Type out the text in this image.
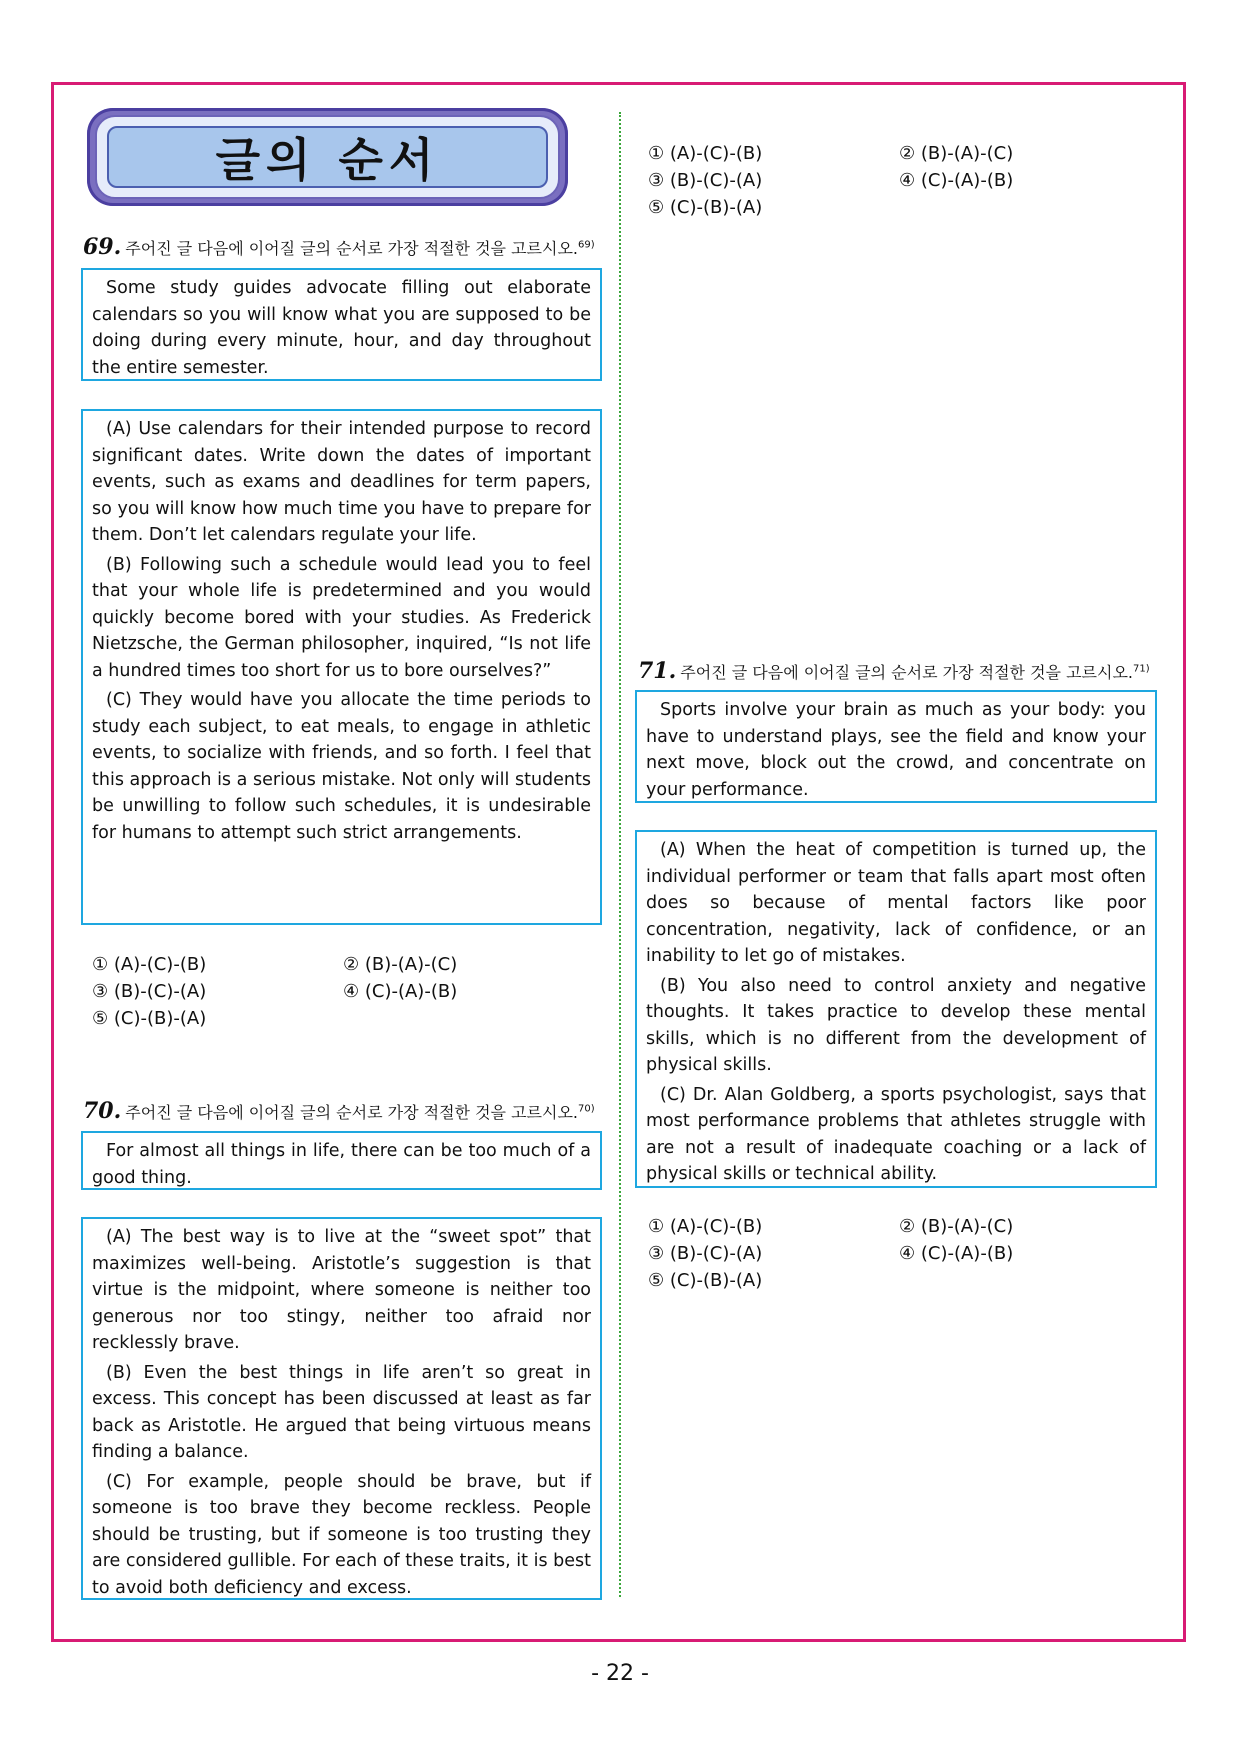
글의 순서
69. 주어진 글 다음에 이어질 글의 순서로 가장 적절한 것을 고르시오.$^{69)}$

Some study guides advocate filling out elaborate calendars so you will know what you are supposed to be doing during every minute, hour, and day throughout the entire semester.

(A) Use calendars for their intended purpose to record significant dates. Write down the dates of important events, such as exams and deadlines for term papers, so you will know how much time you have to prepare for them. Don’t let calendars regulate your life.

(B) Following such a schedule would lead you to feel that your whole life is predetermined and you would quickly become bored with your studies. As Frederick Nietzsche, the German philosopher, inquired, “Is not life a hundred times too short for us to bore ourselves?”

(C) They would have you allocate the time periods to study each subject, to eat meals, to engage in athletic events, to socialize with friends, and so forth. I feel that this approach is a serious mistake. Not only will students be unwilling to follow such schedules, it is undesirable for humans to attempt such strict arrangements.

① (A)-(C)-(B)	② (B)-(A)-(C)
③ (B)-(C)-(A)	④ (C)-(A)-(B)
⑤ (C)-(B)-(A)
70. 주어진 글 다음에 이어질 글의 순서로 가장 적절한 것을 고르시오.$^{70)}$

For almost all things in life, there can be too much of a good thing.

(A) The best way is to live at the “sweet spot” that maximizes well-being. Aristotle’s suggestion is that virtue is the midpoint, where someone is neither too generous nor too stingy, neither too afraid nor recklessly brave.

(B) Even the best things in life aren’t so great in excess. This concept has been discussed at least as far back as Aristotle. He argued that being virtuous means finding a balance.

(C) For example, people should be brave, but if someone is too brave they become reckless. People should be trusting, but if someone is too trusting they are considered gullible. For each of these traits, it is best to avoid both deficiency and excess.

① (A)-(C)-(B)	② (B)-(A)-(C)
③ (B)-(C)-(A)	④ (C)-(A)-(B)
⑤ (C)-(B)-(A)
71. 주어진 글 다음에 이어질 글의 순서로 가장 적절한 것을 고르시오.$^{71)}$

Sports involve your brain as much as your body: you have to understand plays, see the field and know your next move, block out the crowd, and concentrate on your performance.

(A) When the heat of competition is turned up, the individual performer or team that falls apart most often does so because of mental factors like poor concentration, negativity, lack of confidence, or an inability to let go of mistakes.

(B) You also need to control anxiety and negative thoughts. It takes practice to develop these mental skills, which is no different from the development of physical skills.

(C) Dr. Alan Goldberg, a sports psychologist, says that most performance problems that athletes struggle with are not a result of inadequate coaching or a lack of physical skills or technical ability.

① (A)-(C)-(B)	② (B)-(A)-(C)
③ (B)-(C)-(A)	④ (C)-(A)-(B)
⑤ (C)-(B)-(A)
- 22 -
